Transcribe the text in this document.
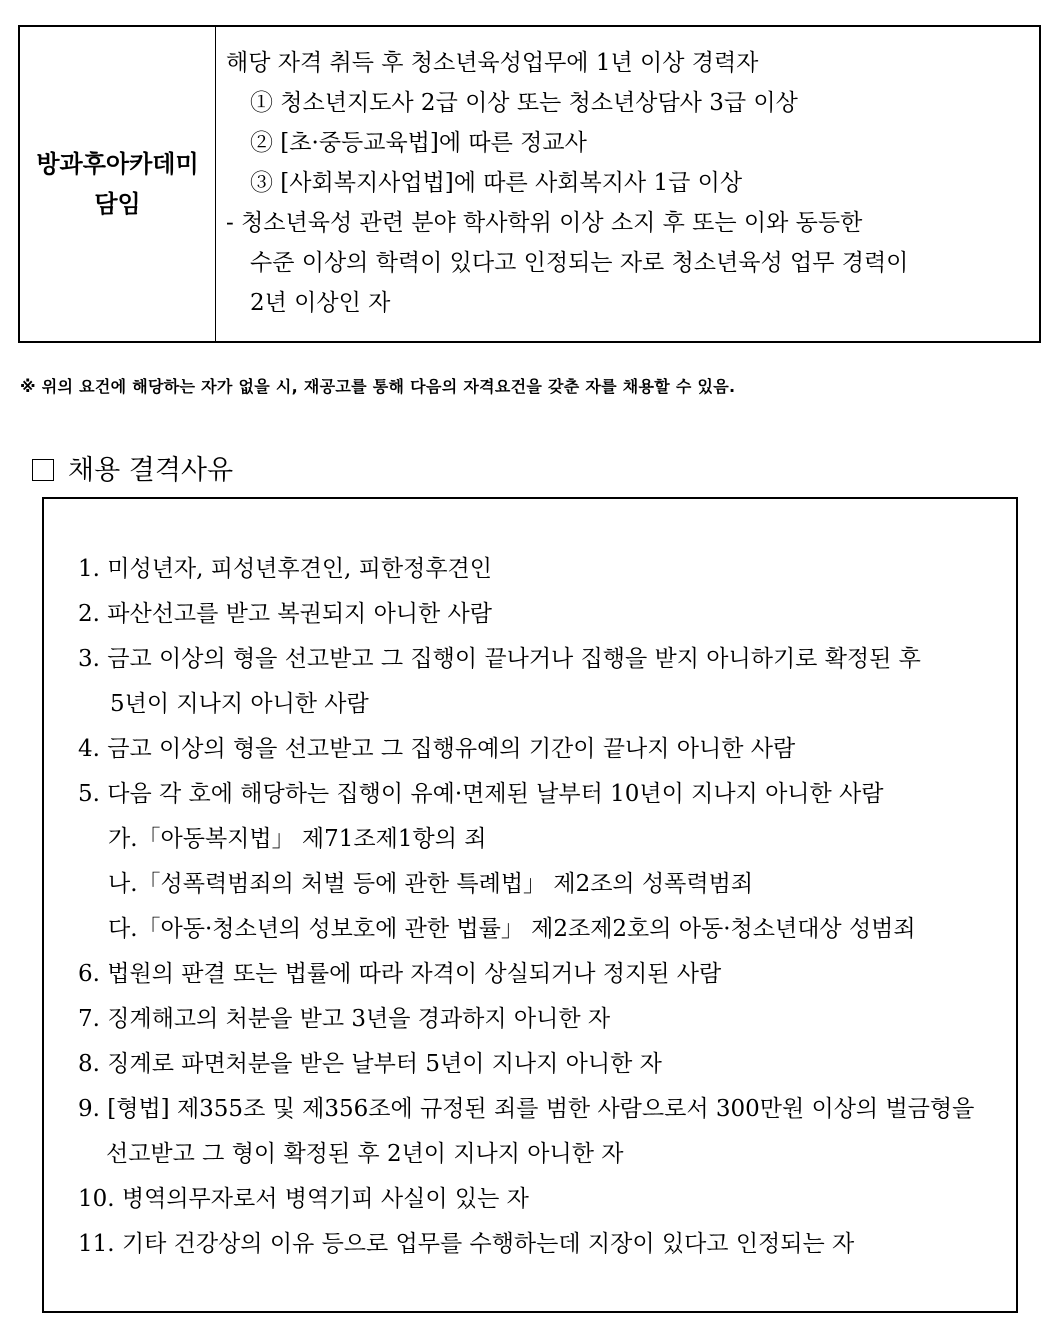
방과후아카데미
담임
해당 자격 취득 후 청소년육성업무에 1년 이상 경력자
① 청소년지도사 2급 이상 또는 청소년상담사 3급 이상
② [초·중등교육법]에 따른 정교사
③ [사회복지사업법]에 따른 사회복지사 1급 이상
- 청소년육성 관련 분야 학사학위 이상 소지 후 또는 이와 동등한
수준 이상의 학력이 있다고 인정되는 자로 청소년육성 업무 경력이
2년 이상인 자
※ 위의 요건에 해당하는 자가 없을 시, 재공고를 통해 다음의 자격요건을 갖춘 자를 채용할 수 있음.
채용 결격사유
1. 미성년자, 피성년후견인, 피한정후견인
2. 파산선고를 받고 복권되지 아니한 사람
3. 금고 이상의 형을 선고받고 그 집행이 끝나거나 집행을 받지 아니하기로 확정된 후
5년이 지나지 아니한 사람
4. 금고 이상의 형을 선고받고 그 집행유예의 기간이 끝나지 아니한 사람
5. 다음 각 호에 해당하는 집행이 유예·면제된 날부터 10년이 지나지 아니한 사람
가.「아동복지법」 제71조제1항의 죄
나.「성폭력범죄의 처벌 등에 관한 특례법」 제2조의 성폭력범죄
다.「아동·청소년의 성보호에 관한 법률」 제2조제2호의 아동·청소년대상 성범죄
6. 법원의 판결 또는 법률에 따라 자격이 상실되거나 정지된 사람
7. 징계해고의 처분을 받고 3년을 경과하지 아니한 자
8. 징계로 파면처분을 받은 날부터 5년이 지나지 아니한 자
9. [형법] 제355조 및 제356조에 규정된 죄를 범한 사람으로서 300만원 이상의 벌금형을
선고받고 그 형이 확정된 후 2년이 지나지 아니한 자
10. 병역의무자로서 병역기피 사실이 있는 자
11. 기타 건강상의 이유 등으로 업무를 수행하는데 지장이 있다고 인정되는 자
